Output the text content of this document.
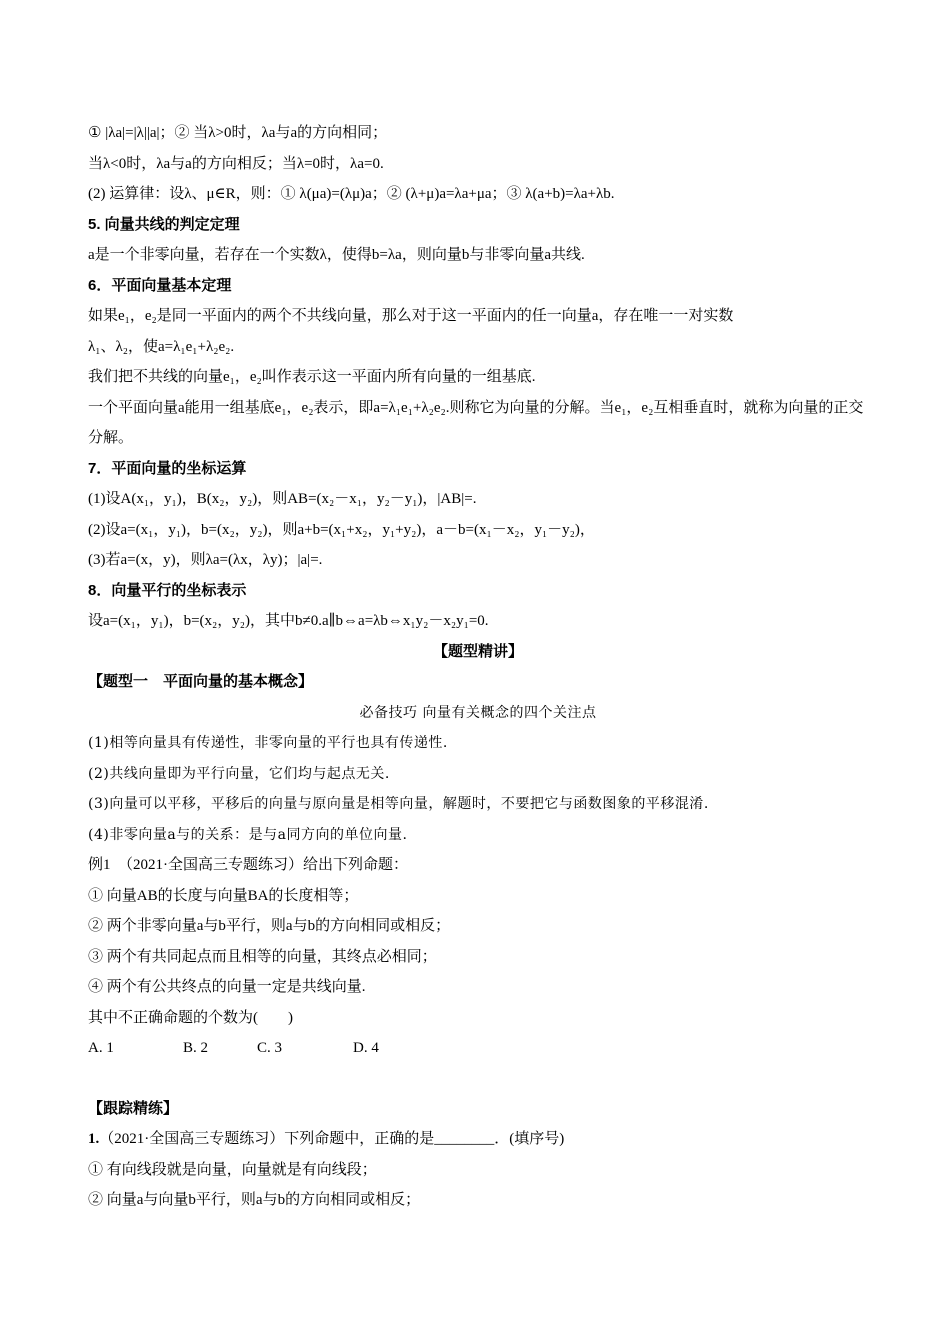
① |λa|=|λ||a|；② 当λ>0时，λa与a的方向相同；
当λ<0时，λa与a的方向相反；当λ=0时，λa=0.
(2) 运算律：设λ、μ∈R，则：① λ(μa)=(λμ)a；② (λ+μ)a=λa+μa；③ λ(a+b)=λa+λb.
5. 向量共线的判定定理
a是一个非零向量，若存在一个实数λ，使得b=λa，则向量b与非零向量a共线.
6．平面向量基本定理
如果e₁，e₂是同一平面内的两个不共线向量，那么对于这一平面内的任一向量a，存在唯一一对实数
λ₁、λ₂，使a=λ₁e₁+λ₂e₂.
我们把不共线的向量e₁，e₂叫作表示这一平面内所有向量的一组基底.
一个平面向量a能用一组基底e₁，e₂表示，即a=λ₁e₁+λ₂e₂.则称它为向量的分解。当e₁，e₂互相垂直时，就称为向量的正交分解。
7．平面向量的坐标运算
(1)设A(x₁，y₁)，B(x₂，y₂)，则AB=(x₂－x₁，y₂－y₁)，|AB|=.
(2)设a=(x₁，y₁)，b=(x₂，y₂)，则a+b=(x₁+x₂，y₁+y₂)，a－b=(x₁－x₂，y₁－y₂)，
(3)若a=(x，y)，则λa=(λx，λy)；|a|=.
8．向量平行的坐标表示
设a=(x₁，y₁)，b=(x₂，y₂)，其中b≠0.a∥b⇔a=λb⇔x₁y₂－x₂y₁=0.
【题型精讲】
【题型一　平面向量的基本概念】
必备技巧 向量有关概念的四个关注点
(1)相等向量具有传递性，非零向量的平行也具有传递性.
(2)共线向量即为平行向量，它们均与起点无关.
(3)向量可以平移，平移后的向量与原向量是相等向量，解题时，不要把它与函数图象的平移混淆.
(4)非零向量a与的关系：是与a同方向的单位向量.
例1　（2021·全国高三专题练习）给出下列命题：
① 向量AB的长度与向量BA的长度相等；
② 两个非零向量a与b平行，则a与b的方向相同或相反；
③ 两个有共同起点而且相等的向量，其终点必相同；
④ 两个有公共终点的向量一定是共线向量.
其中不正确命题的个数为(　　)
A. 1	B. 2	C. 3	D. 4
【跟踪精练】
1.（2021·全国高三专题练习）下列命题中，正确的是________．(填序号)
① 有向线段就是向量，向量就是有向线段；
② 向量a与向量b平行，则a与b的方向相同或相反；
